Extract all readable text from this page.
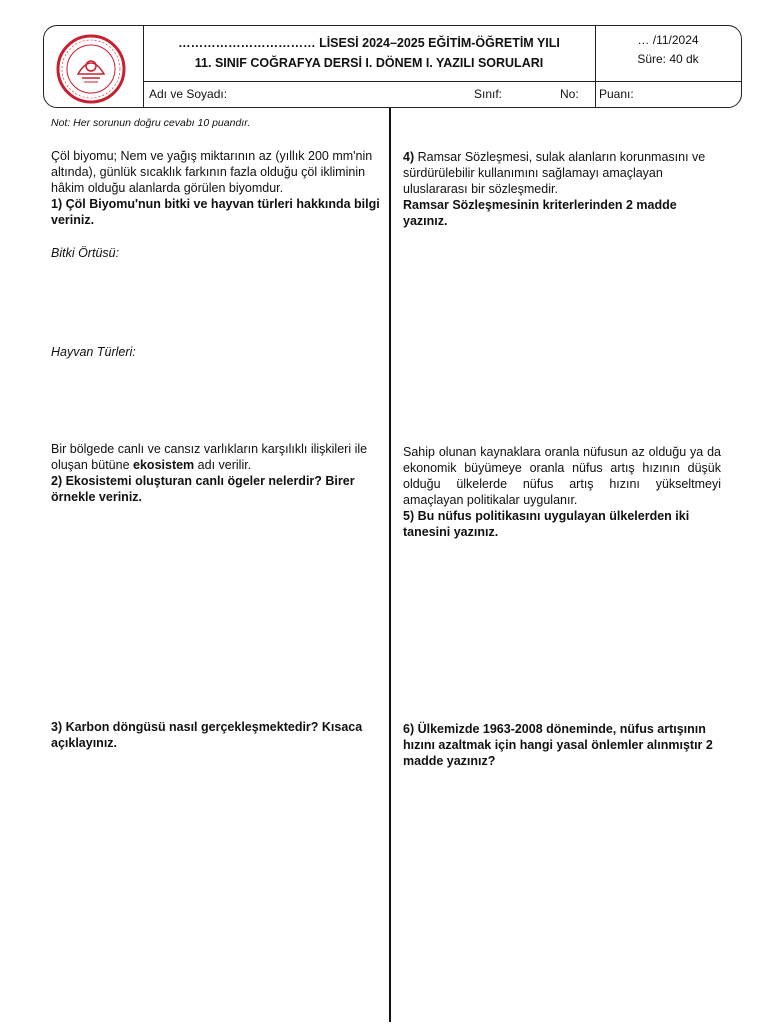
…………………………… LİSESİ 2024–2025 EĞİTİM-ÖĞRETİM YILI
11. SINIF COĞRAFYA DERSİ I. DÖNEM I. YAZILI SORULARI
… /11/2024
Süre: 40 dk
Adı ve Soyadı:	Sınıf:	No: Puanı:
Not: Her sorunun doğru cevabı 10 puandır.

Çöl biyomu; Nem ve yağış miktarının az (yıllık 200 mm'nin altında), günlük sıcaklık farkının fazla olduğu çöl ikliminin hâkim olduğu alanlarda görülen biyomdur.

1) Çöl Biyomu'nun bitki ve hayvan türleri hakkında bilgi veriniz.

Bitki Örtüsü:
Hayvan Türleri:

Bir bölgede canlı ve cansız varlıkların karşılıklı ilişkileri ile oluşan bütüne ekosistem adı verilir.

2) Ekosistemi oluşturan canlı ögeler nelerdir? Birer örnekle veriniz.

3) Karbon döngüsü nasıl gerçekleşmektedir? Kısaca açıklayınız.

4) Ramsar Sözleşmesi, sulak alanların korunmasını ve sürdürülebilir kullanımını sağlamayı amaçlayan uluslararası bir sözleşmedir.

Ramsar Sözleşmesinin kriterlerinden 2 madde yazınız.

Sahip olunan kaynaklara oranla nüfusun az olduğu ya da ekonomik büyümeye oranla nüfus artış hızının düşük olduğu ülkelerde nüfus artış hızını yükseltmeyi amaçlayan politikalar uygulanır.

5) Bu nüfus politikasını uygulayan ülkelerden iki tanesini yazınız.

6) Ülkemizde 1963-2008 döneminde, nüfus artışının hızını azaltmak için hangi yasal önlemler alınmıştır 2 madde yazınız?
